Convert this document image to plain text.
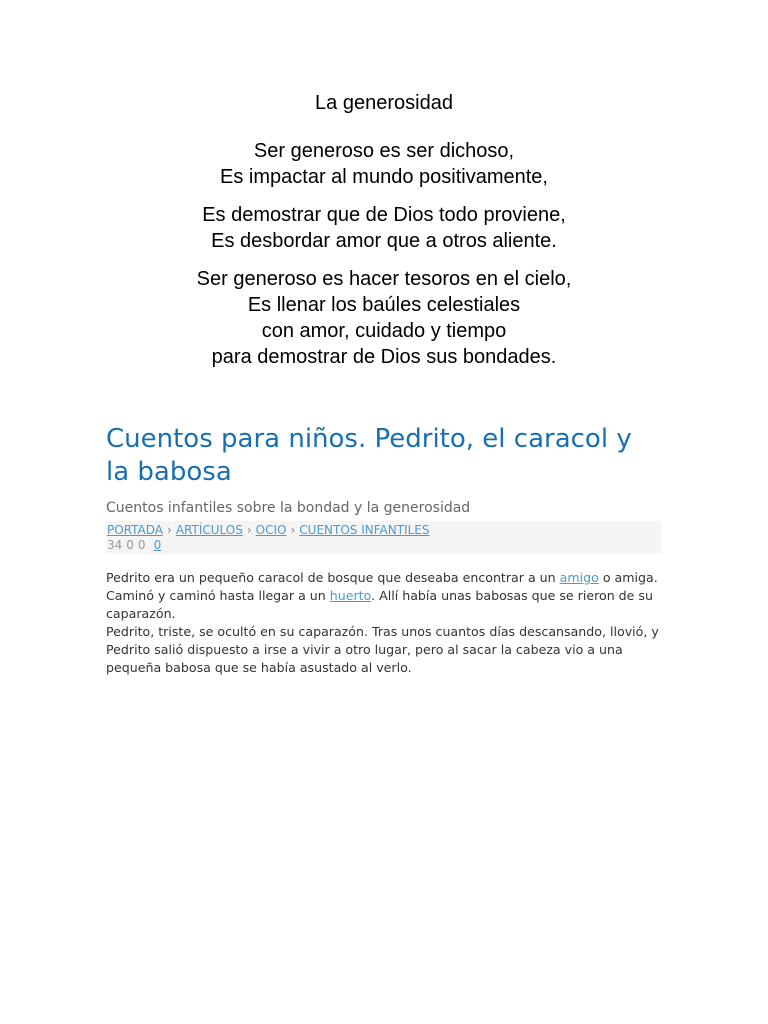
La generosidad
Ser generoso es ser dichoso,
Es impactar al mundo positivamente,
Es demostrar que de Dios todo proviene,
Es desbordar amor que a otros aliente.
Ser generoso es hacer tesoros en el cielo,
Es llenar los baúles celestiales
con amor, cuidado y tiempo
para demostrar de Dios sus bondades.
Cuentos para niños. Pedrito, el caracol y la babosa
Cuentos infantiles sobre la bondad y la generosidad
PORTADA › ARTÍCULOS › OCIO › CUENTOS INFANTILES
34 0 0 0

Pedrito era un pequeño caracol de bosque que deseaba encontrar a un amigo o amiga. Caminó y caminó hasta llegar a un huerto. Allí había unas babosas que se rieron de su caparazón.

Pedrito, triste, se ocultó en su caparazón. Tras unos cuantos días descansando, llovió, y Pedrito salió dispuesto a irse a vivir a otro lugar, pero al sacar la cabeza vio a una pequeña babosa que se había asustado al verlo.
